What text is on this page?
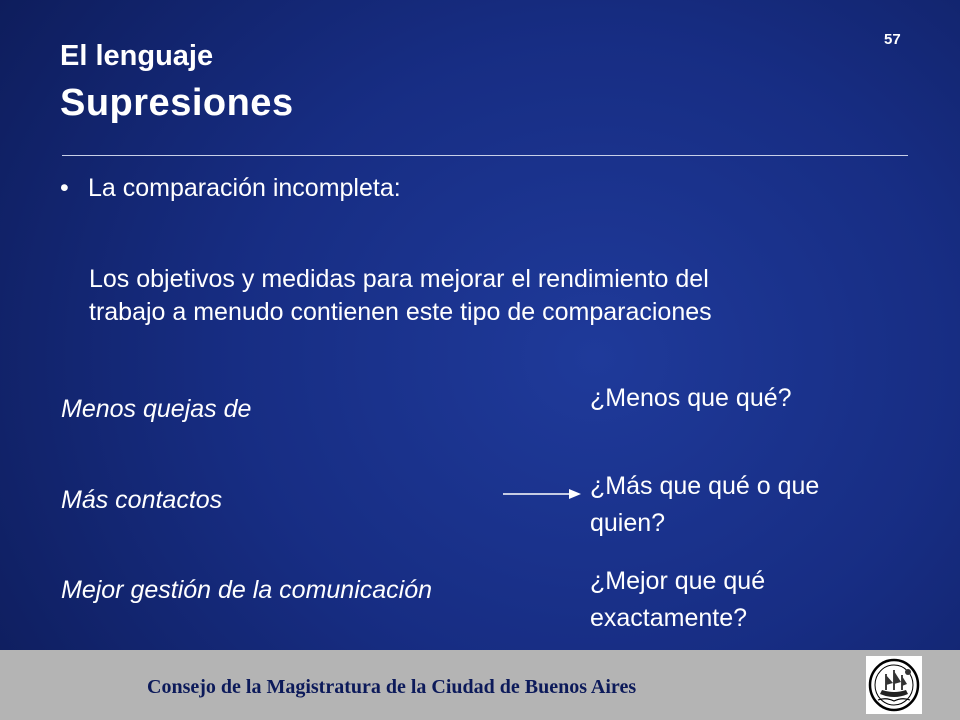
57
El lenguaje
Supresiones
• La comparación incompleta:
Los objetivos y medidas para mejorar el rendimiento del
trabajo a menudo contienen este tipo de comparaciones
Menos quejas de
Más contactos
Mejor gestión de la comunicación
¿Menos que qué?
¿Más que qué o que
quien?
¿Mejor que qué
exactamente?
Consejo de la Magistratura de la Ciudad de Buenos Aires
